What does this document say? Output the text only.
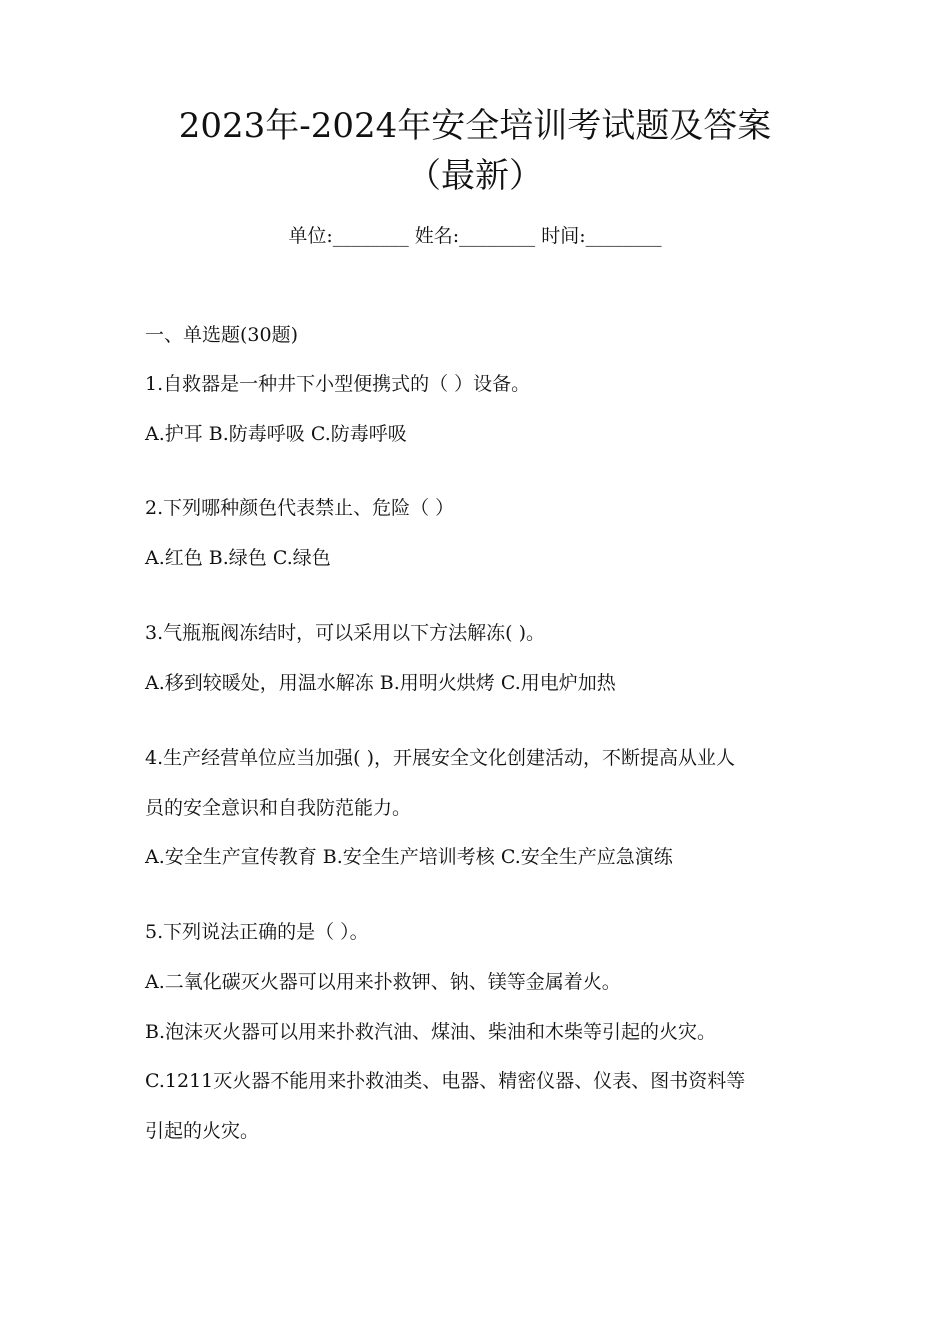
2023年-2024年安全培训考试题及答案
（最新）
单位:________ 姓名:________ 时间:________
一、单选题(30题)
1.自救器是一种井下小型便携式的（ ）设备。
A.护耳 B.防毒呼吸 C.防毒呼吸
2.下列哪种颜色代表禁止、危险（ ）
A.红色 B.绿色 C.绿色
3.气瓶瓶阀冻结时，可以采用以下方法解冻( )。
A.移到较暖处，用温水解冻 B.用明火烘烤 C.用电炉加热
4.生产经营单位应当加强( )，开展安全文化创建活动，不断提高从业人
员的安全意识和自我防范能力。
A.安全生产宣传教育 B.安全生产培训考核 C.安全生产应急演练
5.下列说法正确的是（ ）。
A.二氧化碳灭火器可以用来扑救钾、钠、镁等金属着火。
B.泡沫灭火器可以用来扑救汽油、煤油、柴油和木柴等引起的火灾。
C.1211灭火器不能用来扑救油类、电器、精密仪器、仪表、图书资料等
引起的火灾。
